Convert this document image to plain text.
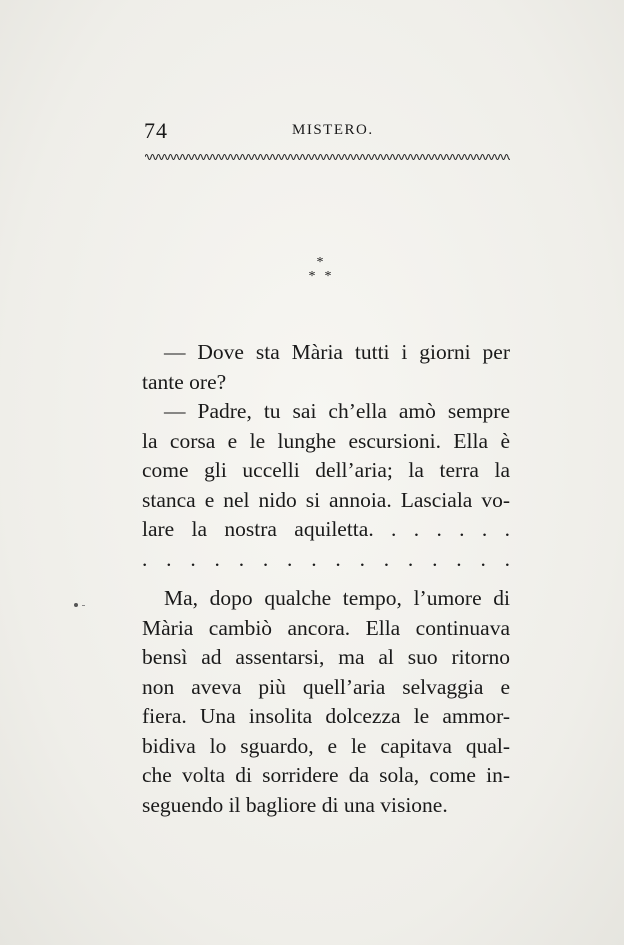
74	MISTERO.
*
* *
— Dove sta Mària tutti i giorni per
tante ore?
— Padre, tu sai ch’ella amò sempre
la corsa e le lunghe escursioni. Ella è
come gli uccelli dell’aria; la terra la
stanca e nel nido si annoia. Lasciala vo-
lare la nostra aquiletta. . . . . . .
. . . . . . . . . . . . . . . .
Ma, dopo qualche tempo, l’umore di
Mària cambiò ancora. Ella continuava
bensì ad assentarsi, ma al suo ritorno
non aveva più quell’aria selvaggia e
fiera. Una insolita dolcezza le ammor-
bidiva lo sguardo, e le capitava qual-
che volta di sorridere da sola, come in-
seguendo il bagliore di una visione.
